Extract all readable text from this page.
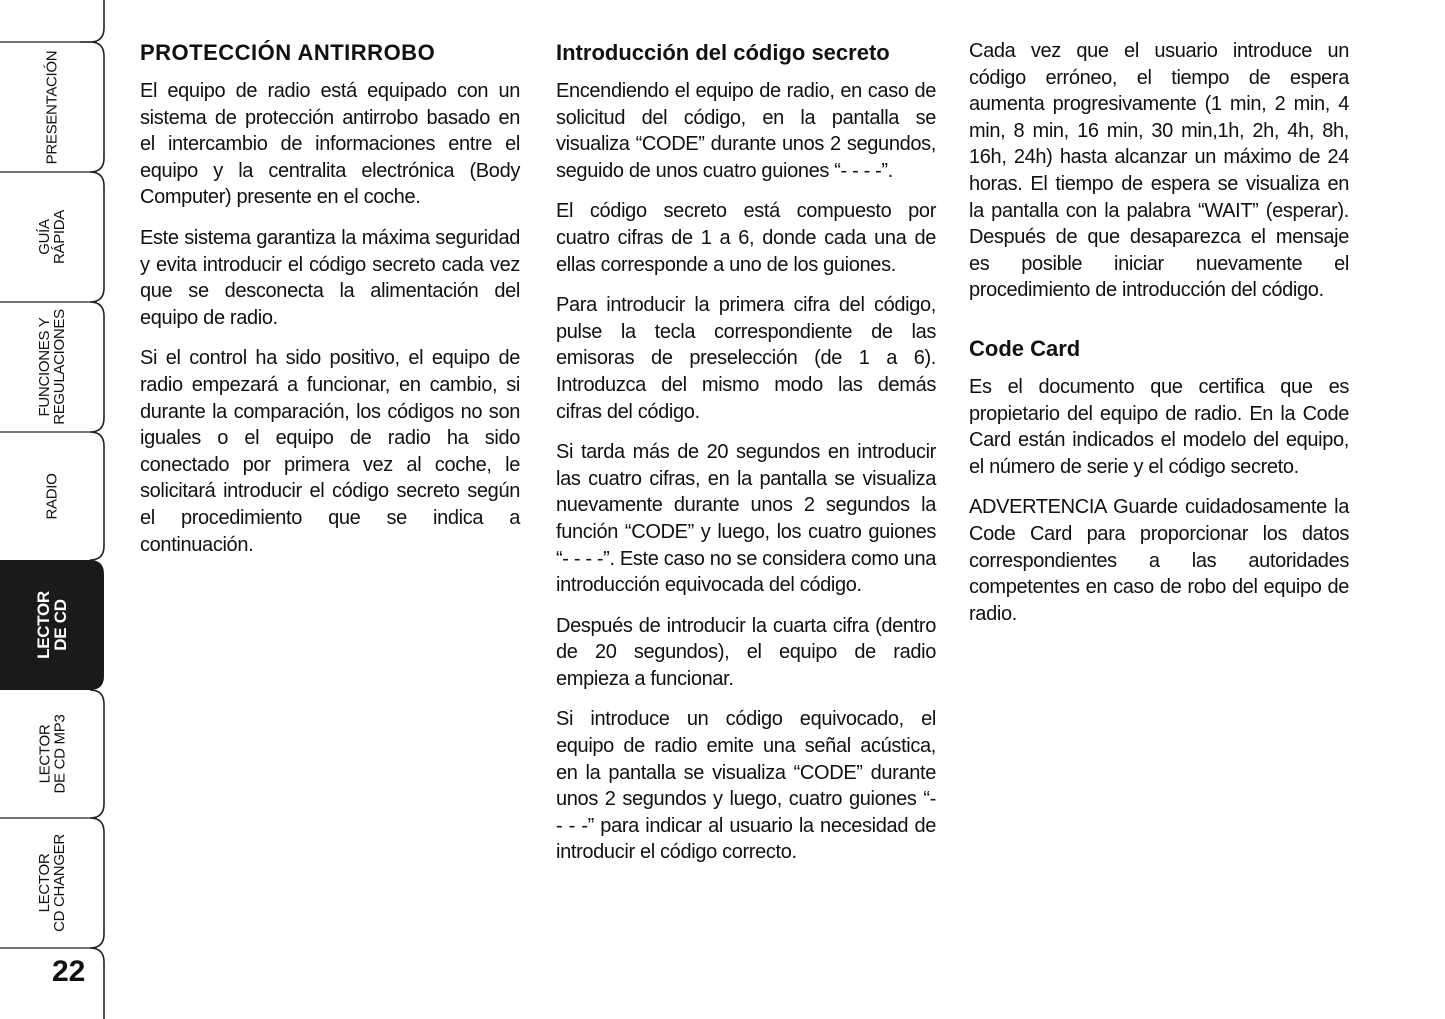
PRESENTACIÓN
GUÍA
RÁPIDA
FUNCIONES Y
REGULACIONES
RADIO
LECTOR
DE CD
LECTOR
DE CD MP3
LECTOR
CD CHANGER
22
PROTECCIÓN ANTIRROBO

El equipo de radio está equipado con un sistema de protección antirrobo basado en el intercambio de informaciones entre el equipo y la centralita electrónica (Body Computer) presente en el coche.

Este sistema garantiza la máxima seguridad y evita introducir el código secreto cada vez que se desconecta la alimentación del equipo de radio.

Si el control ha sido positivo, el equipo de radio empezará a funcionar, en cambio, si durante la comparación, los códigos no son iguales o el equipo de radio ha sido conectado por primera vez al coche, le solicitará introducir el código secreto según el procedimiento que se indica a continuación.

Introducción del código secreto

Encendiendo el equipo de radio, en caso de solicitud del código, en la pantalla se visualiza “CODE” durante unos 2 segundos, seguido de unos cuatro guiones “- - - -”.

El código secreto está compuesto por cuatro cifras de 1 a 6, donde cada una de ellas corresponde a uno de los guiones.

Para introducir la primera cifra del código, pulse la tecla correspondiente de las emisoras de preselección (de 1 a 6). Introduzca del mismo modo las demás cifras del código.

Si tarda más de 20 segundos en introducir las cuatro cifras, en la pantalla se visualiza nuevamente durante unos 2 segundos la función “CODE” y luego, los cuatro guiones “- - - -”. Este caso no se considera como una introducción equivocada del código.

Después de introducir la cuarta cifra (dentro de 20 segundos), el equipo de radio empieza a funcionar.

Si introduce un código equivocado, el equipo de radio emite una señal acústica, en la pantalla se visualiza “CODE” durante unos 2 segundos y luego, cuatro guiones “- - - -” para indicar al usuario la necesidad de introducir el código correcto.

Cada vez que el usuario introduce un código erróneo, el tiempo de espera aumenta progresivamente (1 min, 2 min, 4 min, 8 min, 16 min, 30 min,1h, 2h, 4h, 8h, 16h, 24h) hasta alcanzar un máximo de 24 horas. El tiempo de espera se visualiza en la pantalla con la palabra “WAIT” (esperar). Después de que desaparezca el mensaje es posible iniciar nuevamente el procedimiento de introducción del código.

Code Card

Es el documento que certifica que es propietario del equipo de radio. En la Code Card están indicados el modelo del equipo, el número de serie y el código secreto.

ADVERTENCIA Guarde cuidadosamente la Code Card para proporcionar los datos correspondientes a las autoridades competentes en caso de robo del equipo de radio.
